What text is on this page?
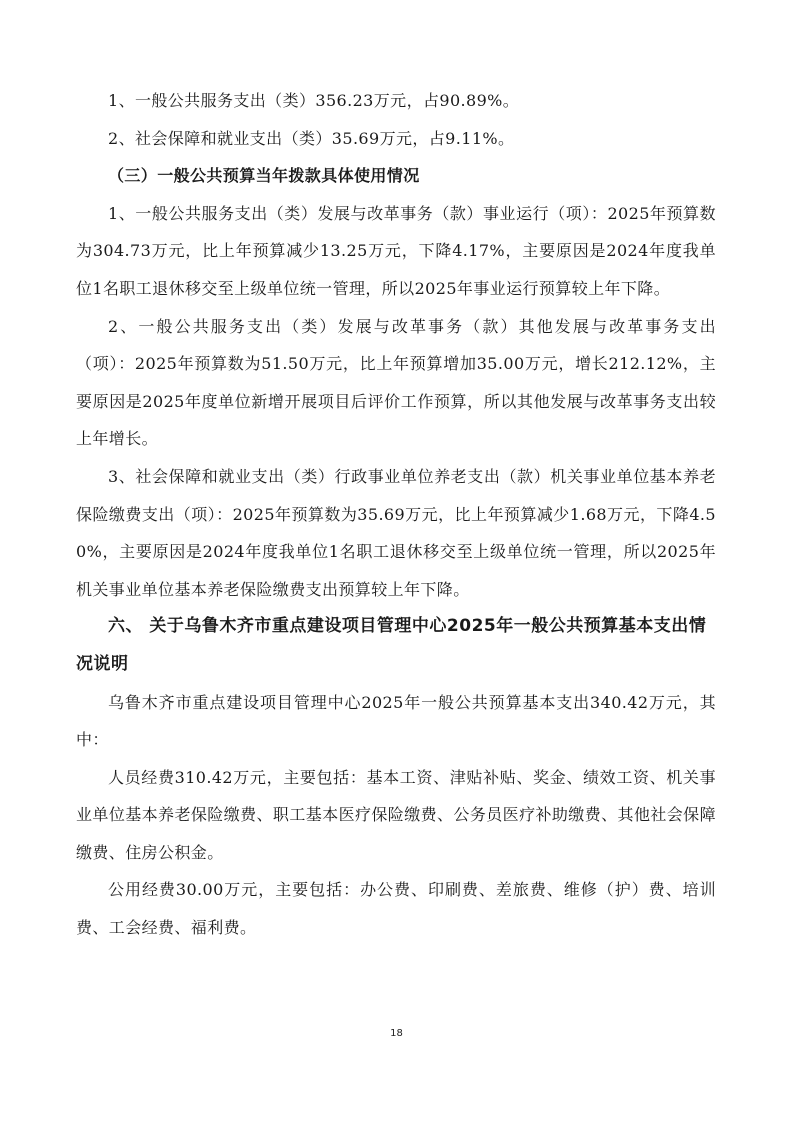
1、一般公共服务支出（类）356.23万元，占90.89%。

2、社会保障和就业支出（类）35.69万元，占9.11%。

（三）一般公共预算当年拨款具体使用情况

1、一般公共服务支出（类）发展与改革事务（款）事业运行（项）：2025年预算数为304.73万元，比上年预算减少13.25万元，下降4.17%，主要原因是2024年度我单位1名职工退休移交至上级单位统一管理，所以2025年事业运行预算较上年下降。

2、一般公共服务支出（类）发展与改革事务（款）其他发展与改革事务支出（项）：2025年预算数为51.50万元，比上年预算增加35.00万元，增长212.12%，主要原因是2025年度单位新增开展项目后评价工作预算，所以其他发展与改革事务支出较上年增长。

3、社会保障和就业支出（类）行政事业单位养老支出（款）机关事业单位基本养老保险缴费支出（项）：2025年预算数为35.69万元，比上年预算减少1.68万元，下降4.50%，主要原因是2024年度我单位1名职工退休移交至上级单位统一管理，所以2025年机关事业单位基本养老保险缴费支出预算较上年下降。

六、 关于乌鲁木齐市重点建设项目管理中心2025年一般公共预算基本支出情况说明

乌鲁木齐市重点建设项目管理中心2025年一般公共预算基本支出340.42万元，其中：

人员经费310.42万元，主要包括：基本工资、津贴补贴、奖金、绩效工资、机关事业单位基本养老保险缴费、职工基本医疗保险缴费、公务员医疗补助缴费、其他社会保障缴费、住房公积金。

公用经费30.00万元，主要包括：办公费、印刷费、差旅费、维修（护）费、培训费、工会经费、福利费。

18
